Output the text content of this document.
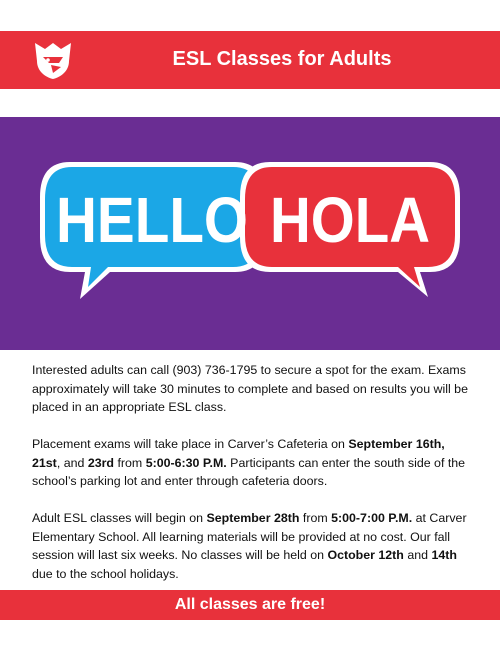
ESL Classes for Adults
HELLO HOLA

Interested adults can call (903) 736-1795 to secure a spot for the exam. Exams approximately will take 30 minutes to complete and based on results you will be placed in an appropriate ESL class.

Placement exams will take place in Carver’s Cafeteria on September 16th, 21st, and 23rd from 5:00-6:30 P.M. Participants can enter the south side of the school’s parking lot and enter through cafeteria doors.

Adult ESL classes will begin on September 28th from 5:00-7:00 P.M. at Carver Elementary School. All learning materials will be provided at no cost. Our fall session will last six weeks. No classes will be held on October 12th and 14th due to the school holidays.

All classes are free!
